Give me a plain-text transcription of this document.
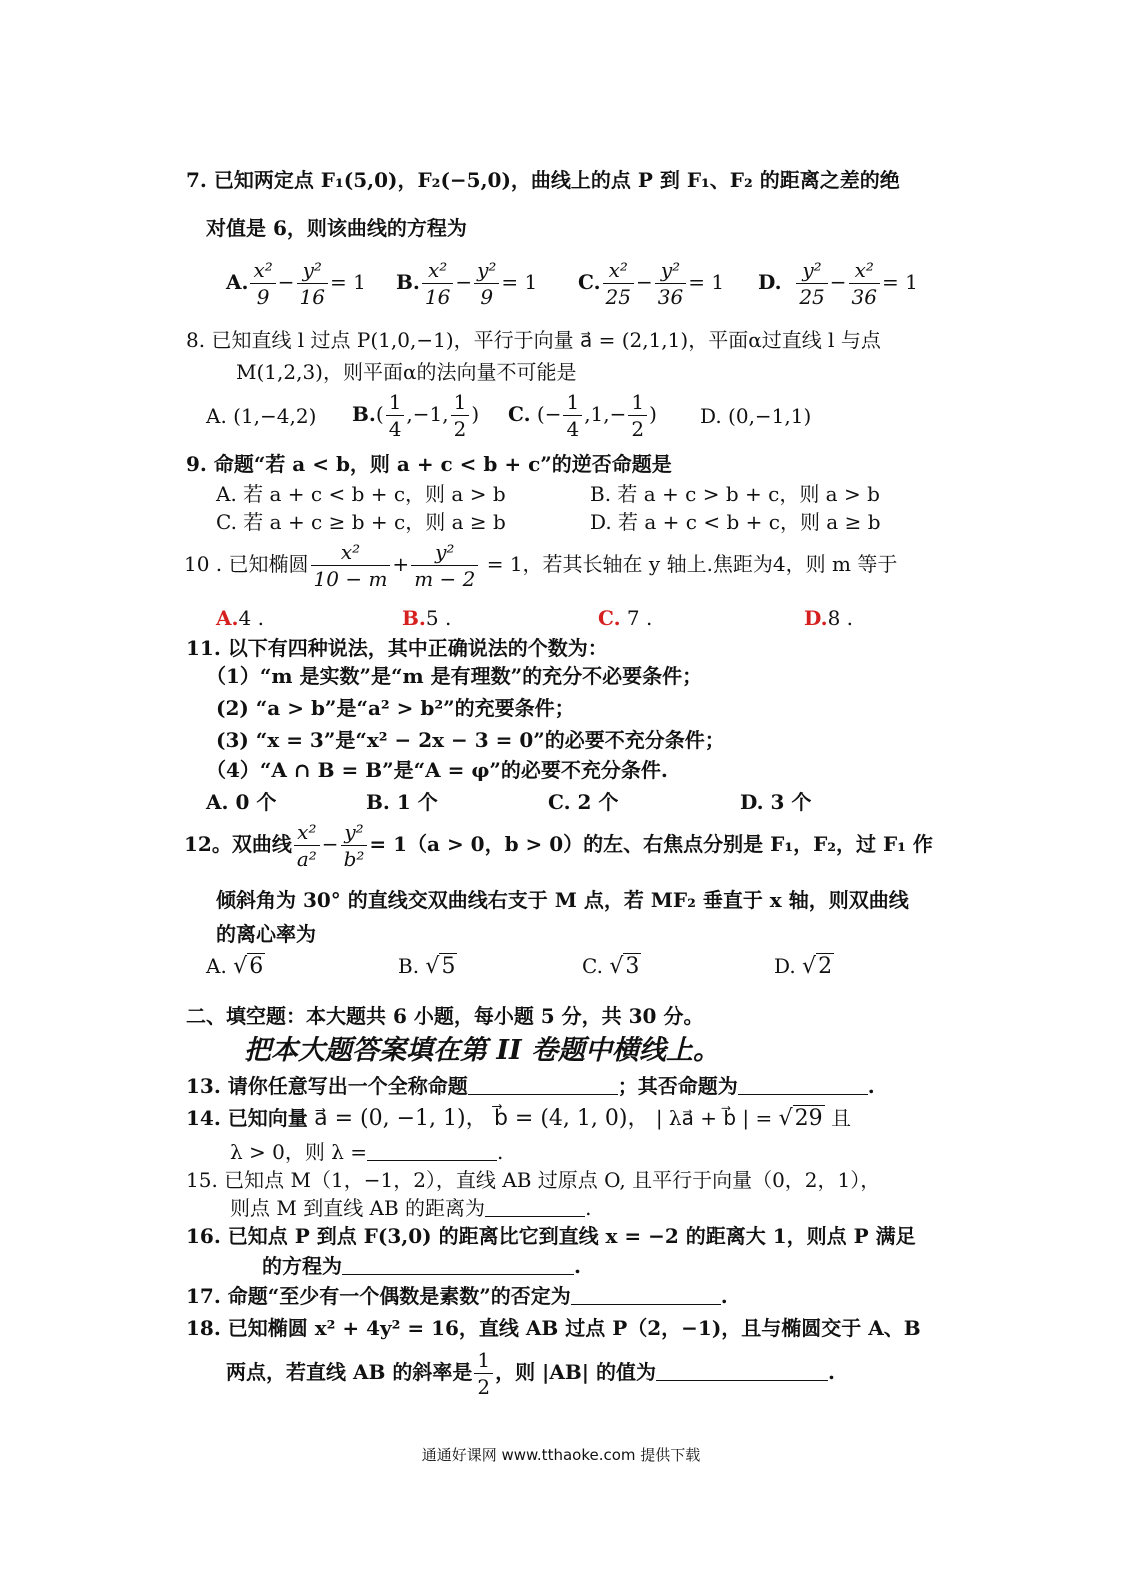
7. 已知两定点 F₁(5,0)，F₂(−5,0)，曲线上的点 P 到 F₁、F₂ 的距离之差的绝
对值是 6，则该曲线的方程为
A. $\frac{\text{x²}}{9} - \frac{\text{y²}}{16} = 1$ B. $\frac{\text{x²}}{16} - \frac{\text{y²}}{9} = 1$ C. $\frac{\text{x²}}{25} - \frac{\text{y²}}{36} = 1$ D. $\frac{\text{y²}}{25} - \frac{\text{x²}}{36} = 1$
8. 已知直线 l 过点 P(1,0,−1)，平行于向量 a⃗ = (2,1,1)，平面α过直线 l 与点
M(1,2,3)，则平面α的法向量不可能是
A. (1,−4,2) $B.( \frac{1}{4} ,-1$, $\frac{1}{2}$ ) C. (− $\frac{1}{4} ,1,- \frac{1}{2}$ ) D. (0,−1,1)
9. 命题“若 a < b，则 a + c < b + c”的逆否命题是
A. 若 a + c < b + c，则 a > b	B. 若 a + c > b + c，则 a > b
C. 若 a + c ≥ b + c，则 a ≥ b	D. 若 a + c < b + c，则 a ≥ b
10 . 已知椭圆 $\frac{\text{x²}}{10 - m} + \frac{\text{y²}}{m - 2} = 1$，若其长轴在 y 轴上.焦距为4，则 m 等于
A.4 .	B.5 .	C. 7 .	D.8 .
11. 以下有四种说法，其中正确说法的个数为：
（1）“m 是实数”是“m 是有理数”的充分不必要条件；
(2) “a > b”是“a² > b²”的充要条件；
(3) “x = 3”是“x² − 2x − 3 = 0”的必要不充分条件；
（4）“A ∩ B = B”是“A = φ”的必要不充分条件.
A. 0 个	B. 1 个	C. 2 个	D. 3 个
12。双曲线 $\frac{\text{x²}}{\text{a²}} - \frac{\text{y²}}{\text{b²}} = 1(a > 0$，b > 0）的左、右焦点分别是 F₁，F₂，过 F₁ 作
倾斜角为 30° 的直线交双曲线右支于 M 点，若 MF₂ 垂直于 x 轴，则双曲线
的离心率为
A. √6	B. √5	C. √3	D. √2
二、填空题：本大题共 6 小题，每小题 5 分，共 30 分。
把本大题答案填在第 II 卷题中横线上。
13. 请你任意写出一个全称命题	；其否命题为	.
14. 已知向量 a⃗ = (0, −1, 1)， b⃗ = (4, 1, 0)， | λa⃗ + b⃗ | = √29 且
λ > 0，则 λ =	.
15. 已知点 M（1，−1，2），直线 AB 过原点 O, 且平行于向量（0，2，1），
则点 M 到直线 AB 的距离为	.
16. 已知点 P 到点 F(3,0) 的距离比它到直线 x = −2 的距离大 1，则点 P 满足
的方程为	.
17. 命题“至少有一个偶数是素数”的否定为	.
18. 已知椭圆 x² + 4y² = 16，直线 AB 过点 P（2，−1)，且与椭圆交于 A、B
两点，若直线 AB 的斜率是 $\frac{1}{2}$ ，则 |AB| 的值为	.
通通好课网 www.tthaoke.com 提供下载
